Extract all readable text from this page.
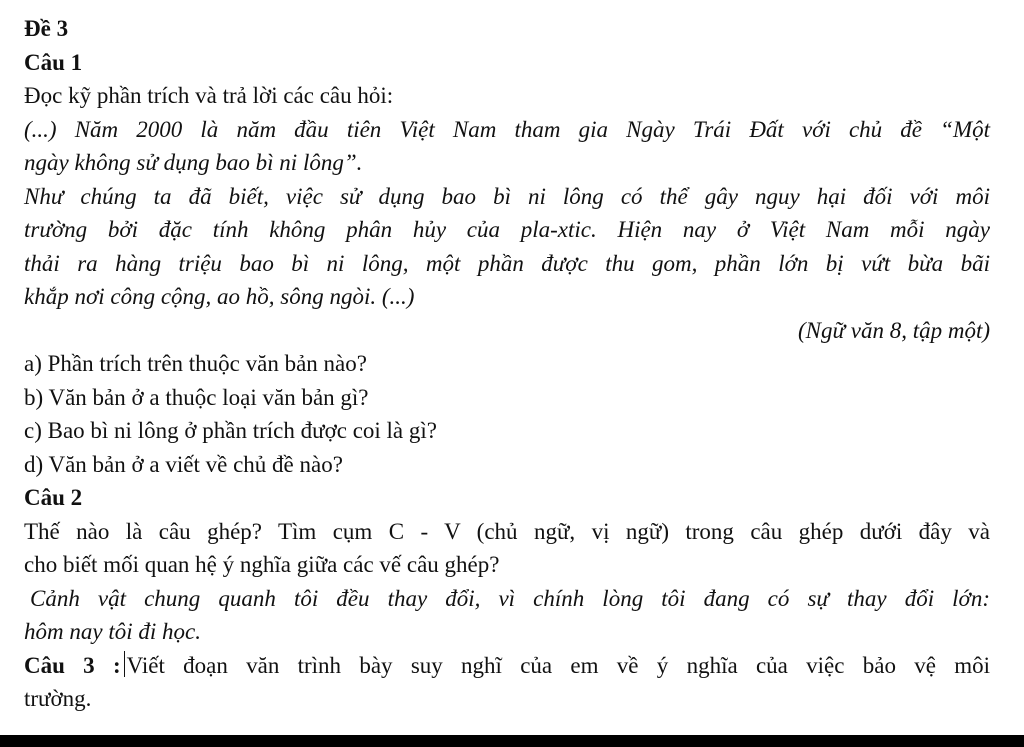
Đề 3
Câu 1
Đọc kỹ phần trích và trả lời các câu hỏi:
(...) Năm 2000 là năm đầu tiên Việt Nam tham gia Ngày Trái Đất với chủ đề “Một
ngày không sử dụng bao bì ni lông”.
Như chúng ta đã biết, việc sử dụng bao bì ni lông có thể gây nguy hại đối với môi
trường bởi đặc tính không phân hủy của pla-xtic. Hiện nay ở Việt Nam mỗi ngày
thải ra hàng triệu bao bì ni lông, một phần được thu gom, phần lớn bị vứt bừa bãi
khắp nơi công cộng, ao hồ, sông ngòi. (...)
(Ngữ văn 8, tập một)
a) Phần trích trên thuộc văn bản nào?
b) Văn bản ở a thuộc loại văn bản gì?
c) Bao bì ni lông ở phần trích được coi là gì?
d) Văn bản ở a viết về chủ đề nào?
Câu 2
Thế nào là câu ghép? Tìm cụm C - V (chủ ngữ, vị ngữ) trong câu ghép dưới đây và
cho biết mối quan hệ ý nghĩa giữa các vế câu ghép?
Cảnh vật chung quanh tôi đều thay đổi, vì chính lòng tôi đang có sự thay đổi lớn:
hôm nay tôi đi học.
Câu 3 : Viết đoạn văn trình bày suy nghĩ của em về ý nghĩa của việc bảo vệ môi
trường.
